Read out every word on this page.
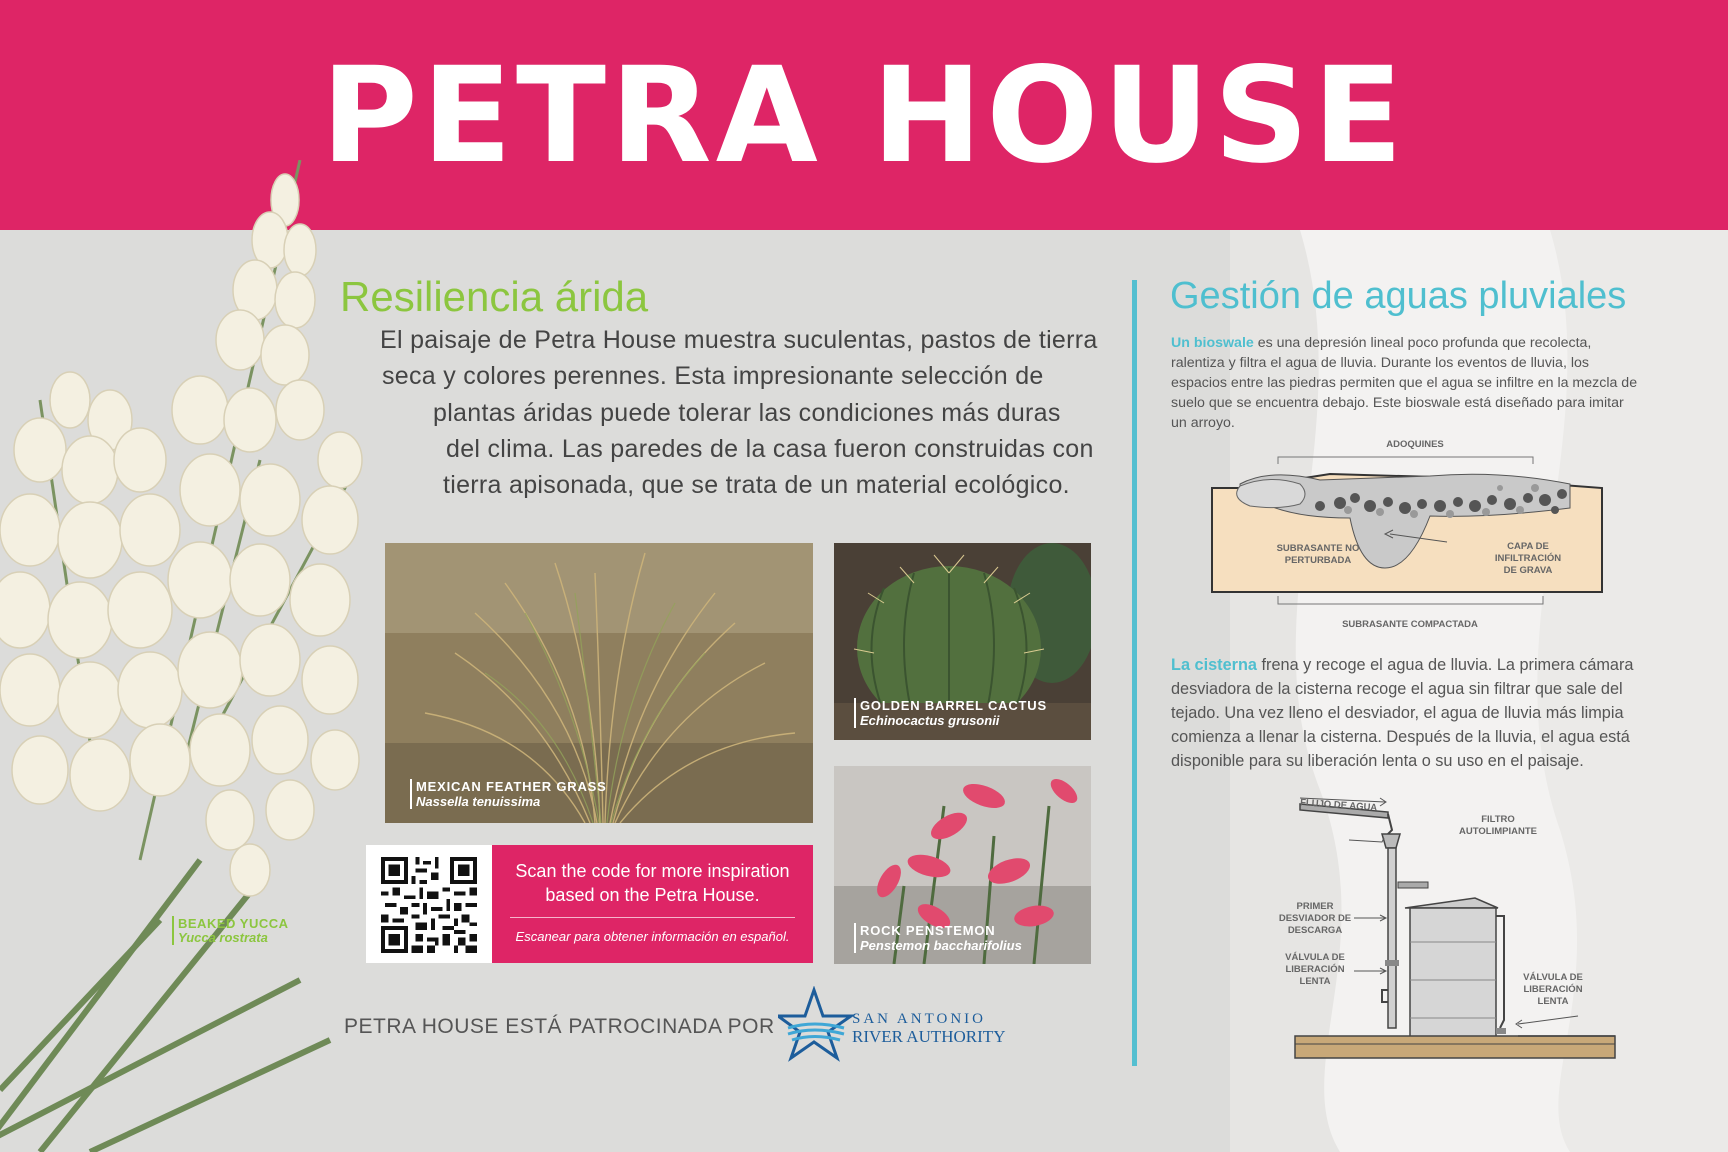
PETRA HOUSE
BEAKED YUCCA
Yucca rostrata
Resiliencia árida
El paisaje de Petra House muestra suculentas, pastos de tierra
seca y colores perennes. Esta impresionante selección de
plantas áridas puede tolerar las condiciones más duras
del clima. Las paredes de la casa fueron construidas con
tierra apisonada, que se trata de un material ecológico.
MEXICAN FEATHER GRASS
Nassella tenuissima
GOLDEN BARREL CACTUS
Echinocactus grusonii
ROCK PENSTEMON
Penstemon baccharifolius
Scan the code for more inspiration based on the Petra House.
Escanear para obtener información en español.
PETRA HOUSE ESTÁ PATROCINADA POR	SAN ANTONIO
RIVER AUTHORITY
Gestión de aguas pluviales
Un bioswale es una depresión lineal poco profunda que recolecta, ralentiza y filtra el agua de lluvia. Durante los eventos de lluvia, los espacios entre las piedras permiten que el agua se infiltre en la mezcla de suelo que se encuentra debajo. Este bioswale está diseñado para imitar un arroyo.
ADOQUINES
SUBRASANTE NO PERTURBADA
CAPA DE INFILTRACIÓN DE GRAVA
SUBRASANTE COMPACTADA
La cisterna frena y recoge el agua de lluvia. La primera cámara desviadora de la cisterna recoge el agua sin filtrar que sale del tejado. Una vez lleno el desviador, el agua de lluvia más limpia comienza a llenar la cisterna. Después de la lluvia, el agua está disponible para su liberación lenta o su uso en el paisaje.
FLUJO DE AGUA
FILTRO AUTOLIMPIANTE
PRIMER DESVIADOR DE DESCARGA
VÁLVULA DE LIBERACIÓN LENTA	VÁLVULA DE LIBERACIÓN LENTA
